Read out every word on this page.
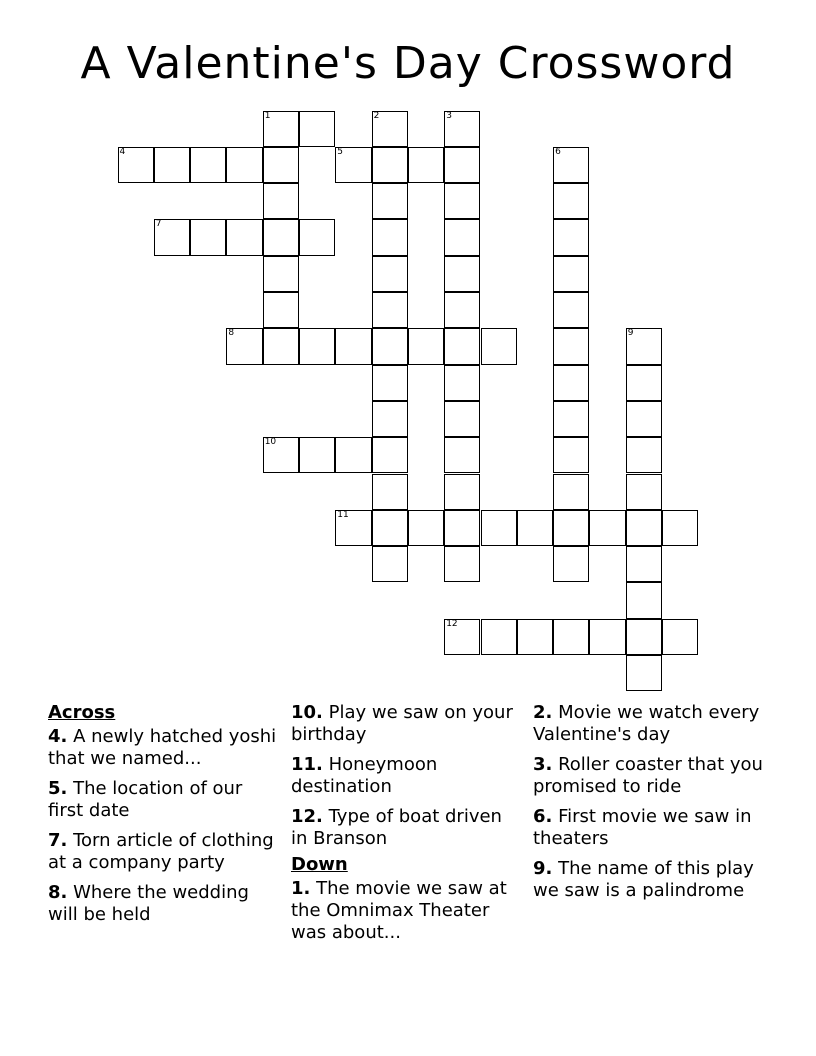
A Valentine's Day Crossword
1	2	3
4	5	6
7
8	9
10
11
12
Across
4. A newly hatched yoshi that we named...
5. The location of our first date
7. Torn article of clothing at a company party
8. Where the wedding will be held
10. Play we saw on your birthday
11. Honeymoon destination
12. Type of boat driven in Branson
Down
1. The movie we saw at the Omnimax Theater was about...
2. Movie we watch every Valentine's day
3. Roller coaster that you promised to ride
6. First movie we saw in theaters
9. The name of this play we saw is a palindrome
